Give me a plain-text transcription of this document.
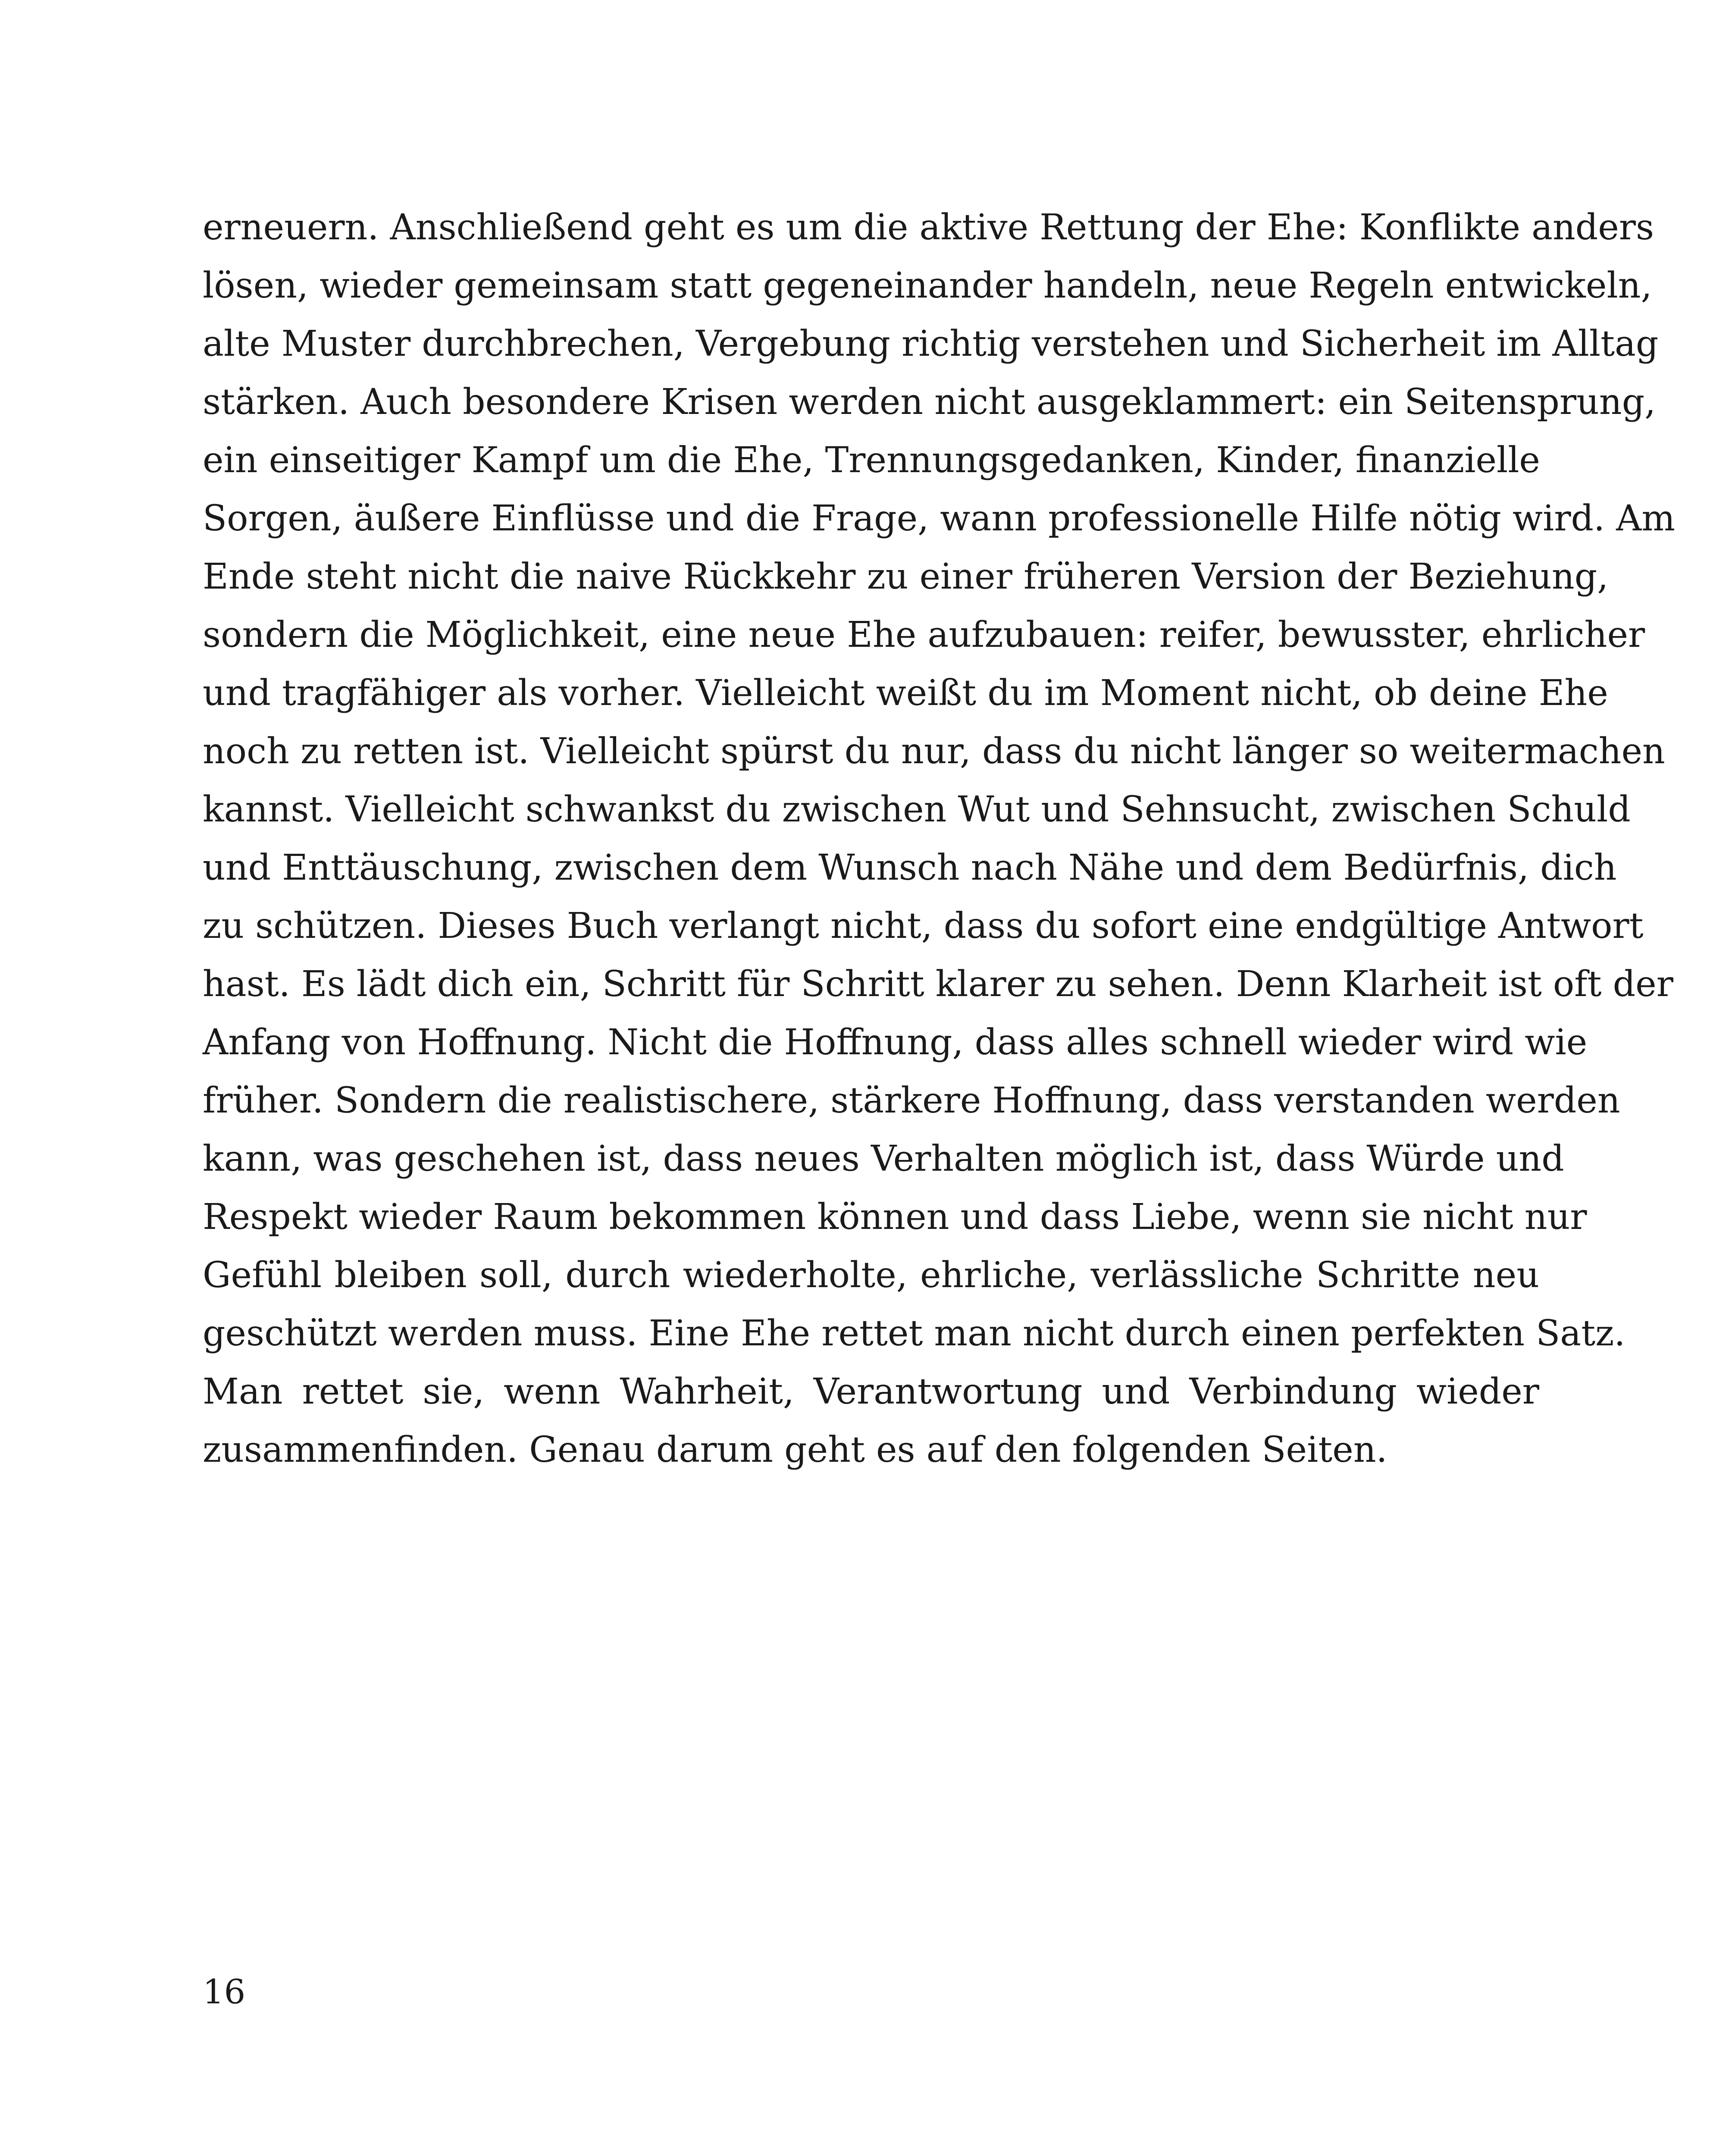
erneuern. Anschließend geht es um die aktive Rettung der Ehe: Konflikte anders
lösen, wieder gemeinsam statt gegeneinander handeln, neue Regeln entwickeln,
alte Muster durchbrechen, Vergebung richtig verstehen und Sicherheit im Alltag
stärken. Auch besondere Krisen werden nicht ausgeklammert: ein Seitensprung,
ein einseitiger Kampf um die Ehe, Trennungsgedanken, Kinder, finanzielle
Sorgen, äußere Einflüsse und die Frage, wann professionelle Hilfe nötig wird. Am
Ende steht nicht die naive Rückkehr zu einer früheren Version der Beziehung,
sondern die Möglichkeit, eine neue Ehe aufzubauen: reifer, bewusster, ehrlicher
und tragfähiger als vorher. Vielleicht weißt du im Moment nicht, ob deine Ehe
noch zu retten ist. Vielleicht spürst du nur, dass du nicht länger so weitermachen
kannst. Vielleicht schwankst du zwischen Wut und Sehnsucht, zwischen Schuld
und Enttäuschung, zwischen dem Wunsch nach Nähe und dem Bedürfnis, dich
zu schützen. Dieses Buch verlangt nicht, dass du sofort eine endgültige Antwort
hast. Es lädt dich ein, Schritt für Schritt klarer zu sehen. Denn Klarheit ist oft der
Anfang von Hoffnung. Nicht die Hoffnung, dass alles schnell wieder wird wie
früher. Sondern die realistischere, stärkere Hoffnung, dass verstanden werden
kann, was geschehen ist, dass neues Verhalten möglich ist, dass Würde und
Respekt wieder Raum bekommen können und dass Liebe, wenn sie nicht nur
Gefühl bleiben soll, durch wiederholte, ehrliche, verlässliche Schritte neu
geschützt werden muss. Eine Ehe rettet man nicht durch einen perfekten Satz.
Man rettet sie, wenn Wahrheit, Verantwortung und Verbindung wieder
zusammenfinden. Genau darum geht es auf den folgenden Seiten.

16
